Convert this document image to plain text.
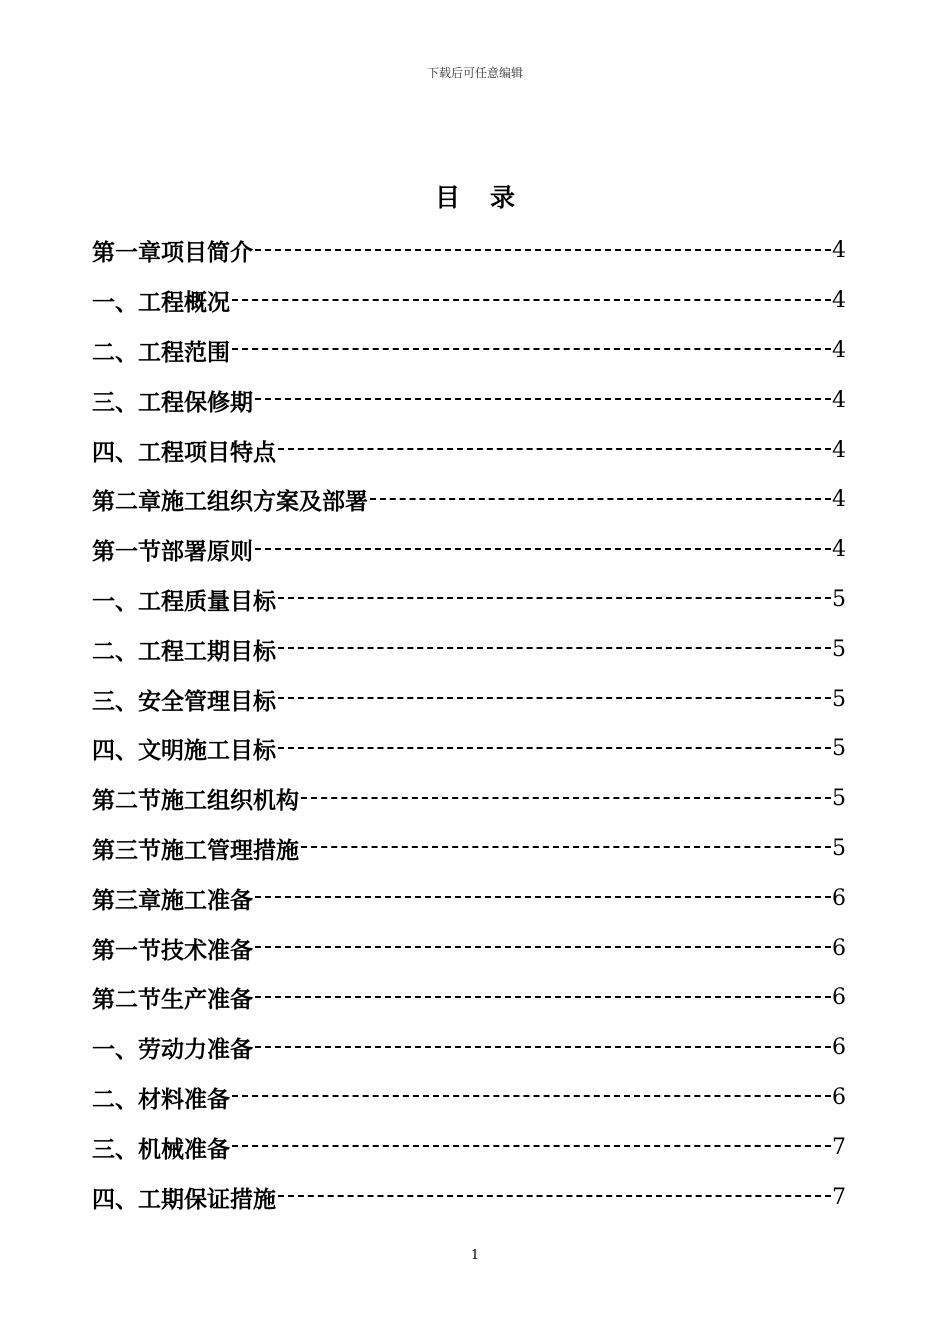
下载后可任意编辑
目录
第一章项目简介	4
一、工程概况	4
二、工程范围	4
三、工程保修期	4
四、工程项目特点	4
第二章施工组织方案及部署	4
第一节部署原则	4
一、工程质量目标	5
二、工程工期目标	5
三、安全管理目标	5
四、文明施工目标	5
第二节施工组织机构	5
第三节施工管理措施	5
第三章施工准备	6
第一节技术准备	6
第二节生产准备	6
一、劳动力准备	6
二、材料准备	6
三、机械准备	7
四、工期保证措施	7
1
